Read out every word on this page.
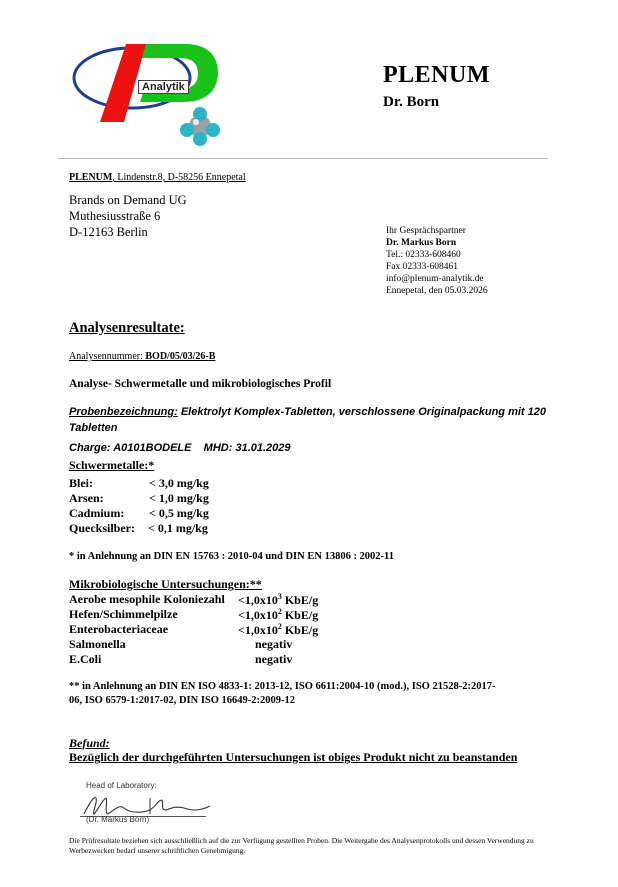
Analytik	PLENUM
Dr. Born
PLENUM, Lindenstr.8, D-58256 Ennepetal
Brands on Demand UG
Muthesiusstraße 6
D-12163 Berlin	Ihr Gesprächspartner
Dr. Markus Born
Tel.: 02333-608460
Fax 02333-608461
info@plenum-analytik.de
Ennepetal, den 05.03.2026
Analysenresultate:
Analysennummer: BOD/05/03/26-B
Analyse- Schwermetalle und mikrobiologisches Profil
Probenbezeichnung: Elektrolyt Komplex-Tabletten, verschlossene Originalpackung mit 120
Tabletten
Charge: A0101BODELE    MHD: 31.01.2029
Schwermetalle:*
Blei:	< 3,0 mg/kg
Arsen:	< 1,0 mg/kg
Cadmium: < 0,5 mg/kg
Quecksilber: < 0,1 mg/kg
* in Anlehnung an DIN EN 15763 : 2010-04 und DIN EN 13806 : 2002-11
Mikrobiologische Untersuchungen:**
Aerobe mesophile Koloniezahl $<1,0x10^3$ KbE/g
Hefen/Schimmelpilze	$<1,0x10^2$ KbE/g
Enterobacteriaceae	$<1,0x10^2$ KbE/g
Salmonella	negativ
E.Coli	negativ
** in Anlehnung an DIN EN ISO 4833-1: 2013-12, ISO 6611:2004-10 (mod.), ISO 21528-2:2017-
06, ISO 6579-1:2017-02, DIN ISO 16649-2:2009-12
Befund:
Bezüglich der durchgeführten Untersuchungen ist obiges Produkt nicht zu beanstanden
Head of Laboratory:
(Dr. Markus Born)
Die Prüfresultate beziehen sich ausschließlich auf die zur Verfügung gestellten Proben. Die Weitergabe des Analysenprotokolls und dessen Verwendung zu Werbezwecken bedarf unserer schriftlichen Genehmigung.
